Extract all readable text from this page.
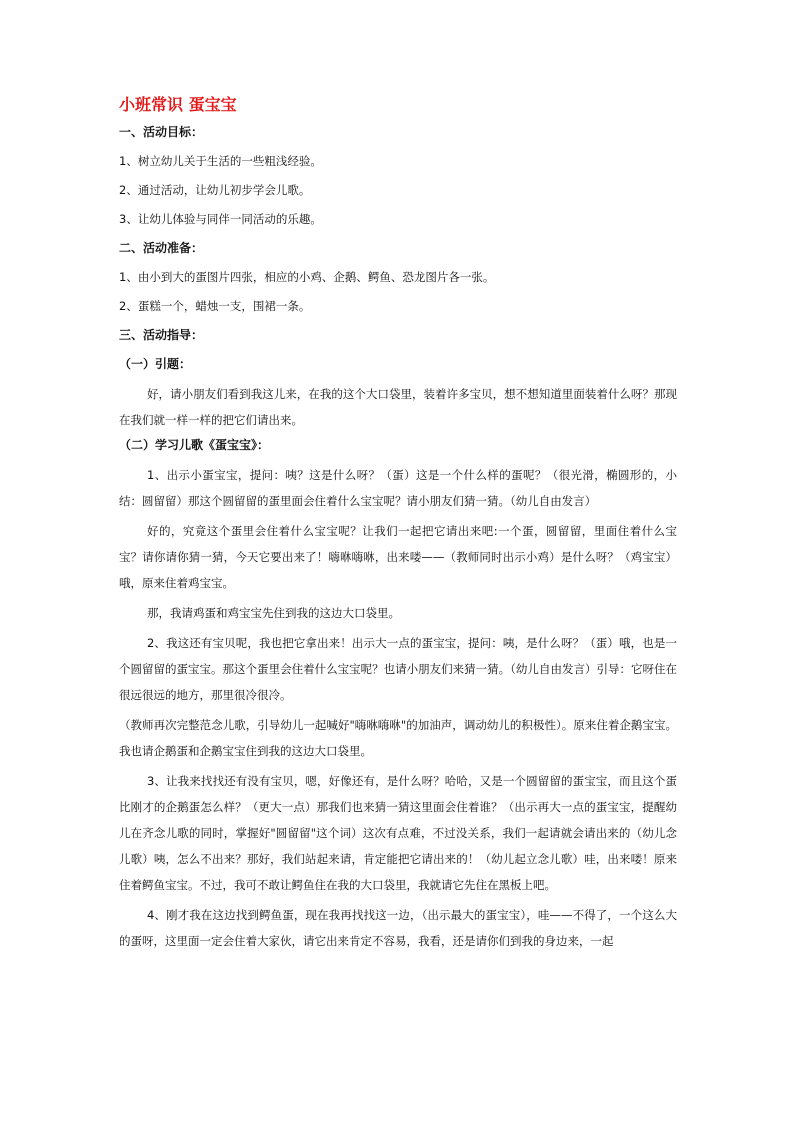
小班常识 蛋宝宝
一、活动目标：
1、树立幼儿关于生活的一些粗浅经验。
2、通过活动，让幼儿初步学会儿歌。
3、让幼儿体验与同伴一同活动的乐趣。
二、活动准备：
1、由小到大的蛋图片四张，相应的小鸡、企鹅、鳄鱼、恐龙图片各一张。
2、蛋糕一个，蜡烛一支，围裙一条。
三、活动指导：
（一）引题：
好，请小朋友们看到我这儿来，在我的这个大口袋里，装着许多宝贝，想不想知道里面装着什么呀？那现在我们就一样一样的把它们请出来。
（二）学习儿歌《蛋宝宝》：
1、出示小蛋宝宝，提问：咦？这是什么呀？（蛋）这是一个什么样的蛋呢？（很光滑，椭圆形的，小结：圆留留）那这个圆留留的蛋里面会住着什么宝宝呢？请小朋友们猜一猜。（幼儿自由发言）
好的，究竟这个蛋里会住着什么宝宝呢？让我们一起把它请出来吧:一个蛋，圆留留，里面住着什么宝宝？请你请你猜一猜，今天它要出来了！嗨咻嗨咻，出来喽——（教师同时出示小鸡）是什么呀？（鸡宝宝）哦，原来住着鸡宝宝。
那，我请鸡蛋和鸡宝宝先住到我的这边大口袋里。
2、我这还有宝贝呢，我也把它拿出来！出示大一点的蛋宝宝，提问：咦，是什么呀？（蛋）哦，也是一个圆留留的蛋宝宝。那这个蛋里会住着什么宝宝呢？也请小朋友们来猜一猜。（幼儿自由发言）引导：它呀住在很远很远的地方，那里很冷很冷。
（教师再次完整范念儿歌，引导幼儿一起喊好"嗨咻嗨咻"的加油声，调动幼儿的积极性）。原来住着企鹅宝宝。我也请企鹅蛋和企鹅宝宝住到我的这边大口袋里。
3、让我来找找还有没有宝贝，嗯，好像还有，是什么呀？哈哈，又是一个圆留留的蛋宝宝，而且这个蛋比刚才的企鹅蛋怎么样？（更大一点）那我们也来猜一猜这里面会住着谁？（出示再大一点的蛋宝宝，提醒幼儿在齐念儿歌的同时，掌握好"圆留留"这个词）这次有点难，不过没关系，我们一起请就会请出来的（幼儿念儿歌）咦，怎么不出来？那好，我们站起来请，肯定能把它请出来的！（幼儿起立念儿歌）哇，出来喽！原来住着鳄鱼宝宝。不过，我可不敢让鳄鱼住在我的大口袋里，我就请它先住在黑板上吧。
4、刚才我在这边找到鳄鱼蛋，现在我再找找这一边，（出示最大的蛋宝宝），哇——不得了，一个这么大的蛋呀，这里面一定会住着大家伙，请它出来肯定不容易，我看，还是请你们到我的身边来，一起
